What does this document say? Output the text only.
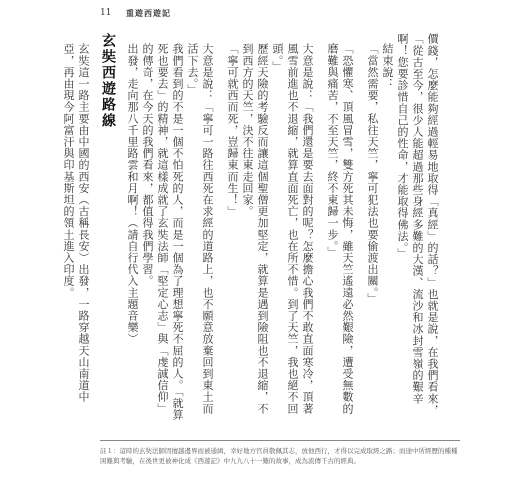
11 重遊西遊記

價錢，怎麼能夠經過輕易地取得「真經」的話？」也就是說，在我們看來，「從古至今，很少人能超過那些身經多難的大漢、流沙和冰封雪嶺的艱辛啊！您要診惜自己的性命，才能取得佛法。」

結束說：

「當然需要，私往天竺，寧可犯法也要偷渡出關。」

「恐懼寒、頂風冒雪，雙方死其未悔，雖天竺遙遠必然艱險，遭受無數的磨難與痛苦，不至天竺，終不東歸一步。」

大意是說：「我們還是要去面對的呢？怎麼擔心我們不敢直面寒冷，頂著風雪前進也不退縮，就算直面死亡，也在所不惜。到了天竺，我也絕不回頭。」

歷經天險的考驗反而讓這個聖僧更加堅定，就算是遇到險阻也不退縮，不到西方的天竺，決不往東走回家。

「寧可就西而死，豈歸東而生！」

大意是說：「寧可一路往西死在求經的道路上，也不願意放棄回到東土而活下去。」

我們看到的不是一個不怕死的人，而是一個為了理想寧死不屈的人。「就算死也要去」的精神，就這樣成就了玄奘法師「堅定心志」與「虔誠信仰」的傳奇，在今天的我們看來，都值得我們學習。

出發，走向那八千里路雲和月啊！（請自行代入主題音樂）

玄奘西遊路線

玄奘這一路主要由中國的西安（古稱長安）出發，一路穿越天山南道中亞，再由現今阿富汗與印基斯坦的領土進入印度。

註１：這時的玄奘法師因擅越邊界而被通緝，幸好地方官員敬佩其志，放他西行，才得以完成取經之路；而途中所經歷的種種困難與考驗，在後世更被神化成《西遊記》中九九八十一難的故事，成為流傳千古的經典。
